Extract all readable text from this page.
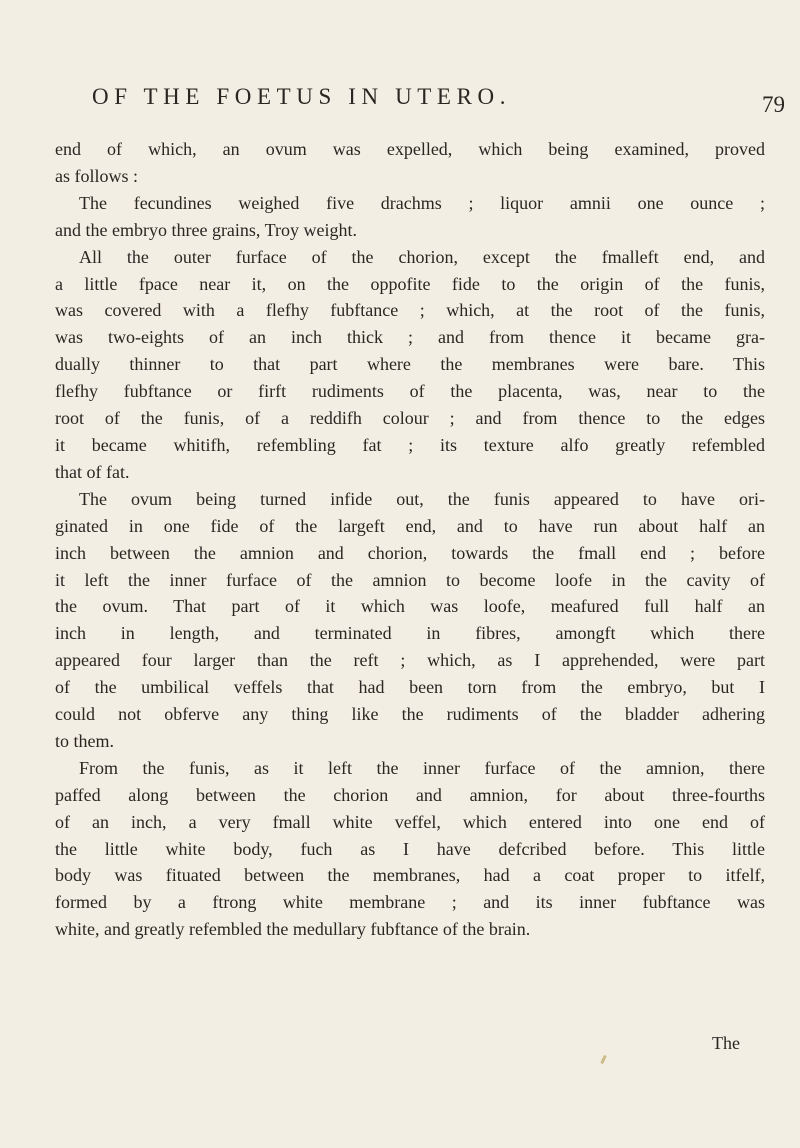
OF THE FOETUS IN UTERO.	79
end of which, an ovum was expelled, which being examined, proved
as follows :
The fecundines weighed five drachms ; liquor amnii one ounce ;
and the embryo three grains, Troy weight.
All the outer furface of the chorion, except the fmalleft end, and
a little fpace near it, on the oppofite fide to the origin of the funis,
was covered with a flefhy fubftance ; which, at the root of the funis,
was two-eights of an inch thick ; and from thence it became gra-
dually thinner to that part where the membranes were bare. This
flefhy fubftance or firft rudiments of the placenta, was, near to the
root of the funis, of a reddifh colour ; and from thence to the edges
it became whitifh, refembling fat ; its texture alfo greatly refembled
that of fat.
The ovum being turned infide out, the funis appeared to have ori-
ginated in one fide of the largeft end, and to have run about half an
inch between the amnion and chorion, towards the fmall end ; before
it left the inner furface of the amnion to become loofe in the cavity of
the ovum. That part of it which was loofe, meafured full half an
inch in length, and terminated in fibres, amongft which there
appeared four larger than the reft ; which, as I apprehended, were part
of the umbilical veffels that had been torn from the embryo, but I
could not obferve any thing like the rudiments of the bladder adhering
to them.
From the funis, as it left the inner furface of the amnion, there
paffed along between the chorion and amnion, for about three-fourths
of an inch, a very fmall white veffel, which entered into one end of
the little white body, fuch as I have defcribed before. This little
body was fituated between the membranes, had a coat proper to itfelf,
formed by a ftrong white membrane ; and its inner fubftance was
white, and greatly refembled the medullary fubftance of the brain.
The
